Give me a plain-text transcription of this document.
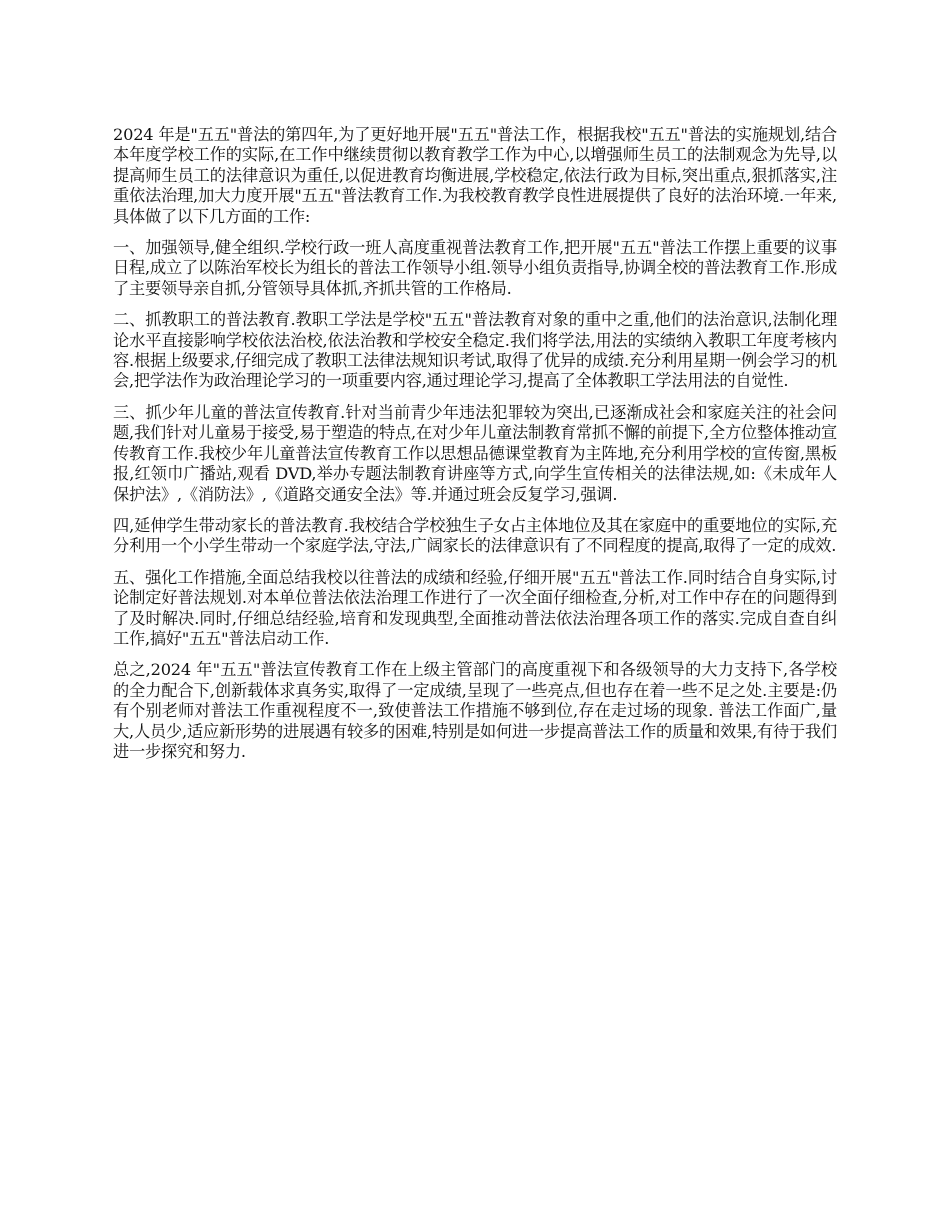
2024 年是"五五"普法的第四年,为了更好地开展"五五"普法工作，根据我校"五五"普法的实施规划,结合本年度学校工作的实际,在工作中继续贯彻以教育教学工作为中心,以增强师生员工的法制观念为先导,以提高师生员工的法律意识为重任,以促进教育均衡进展,学校稳定,依法行政为目标,突出重点,狠抓落实,注重依法治理,加大力度开展"五五"普法教育工作.为我校教育教学良性进展提供了良好的法治环境.一年来,具体做了以下几方面的工作:

一、加强领导,健全组织.学校行政一班人高度重视普法教育工作,把开展"五五"普法工作摆上重要的议事日程,成立了以陈治军校长为组长的普法工作领导小组.领导小组负责指导,协调全校的普法教育工作.形成了主要领导亲自抓,分管领导具体抓,齐抓共管的工作格局.

二、抓教职工的普法教育.教职工学法是学校"五五"普法教育对象的重中之重,他们的法治意识,法制化理论水平直接影响学校依法治校,依法治教和学校安全稳定.我们将学法,用法的实绩纳入教职工年度考核内容.根据上级要求,仔细完成了教职工法律法规知识考试,取得了优异的成绩.充分利用星期一例会学习的机会,把学法作为政治理论学习的一项重要内容,通过理论学习,提高了全体教职工学法用法的自觉性.

三、抓少年儿童的普法宣传教育.针对当前青少年违法犯罪较为突出,已逐渐成社会和家庭关注的社会问题,我们针对儿童易于接受,易于塑造的特点,在对少年儿童法制教育常抓不懈的前提下,全方位整体推动宣传教育工作.我校少年儿童普法宣传教育工作以思想品德课堂教育为主阵地,充分利用学校的宣传窗,黑板报,红领巾广播站,观看 DVD,举办专题法制教育讲座等方式,向学生宣传相关的法律法规,如:《未成年人保护法》,《消防法》,《道路交通安全法》等.并通过班会反复学习,强调.

四,延伸学生带动家长的普法教育.我校结合学校独生子女占主体地位及其在家庭中的重要地位的实际,充分利用一个小学生带动一个家庭学法,守法,广阔家长的法律意识有了不同程度的提高,取得了一定的成效.

五、强化工作措施,全面总结我校以往普法的成绩和经验,仔细开展"五五"普法工作.同时结合自身实际,讨论制定好普法规划.对本单位普法依法治理工作进行了一次全面仔细检查,分析,对工作中存在的问题得到了及时解决.同时,仔细总结经验,培育和发现典型,全面推动普法依法治理各项工作的落实.完成自查自纠工作,搞好"五五"普法启动工作.

总之,2024 年"五五"普法宣传教育工作在上级主管部门的高度重视下和各级领导的大力支持下,各学校的全力配合下,创新载体求真务实,取得了一定成绩,呈现了一些亮点,但也存在着一些不足之处.主要是:仍有个别老师对普法工作重视程度不一,致使普法工作措施不够到位,存在走过场的现象. 普法工作面广,量大,人员少,适应新形势的进展遇有较多的困难,特别是如何进一步提高普法工作的质量和效果,有待于我们进一步探究和努力.
